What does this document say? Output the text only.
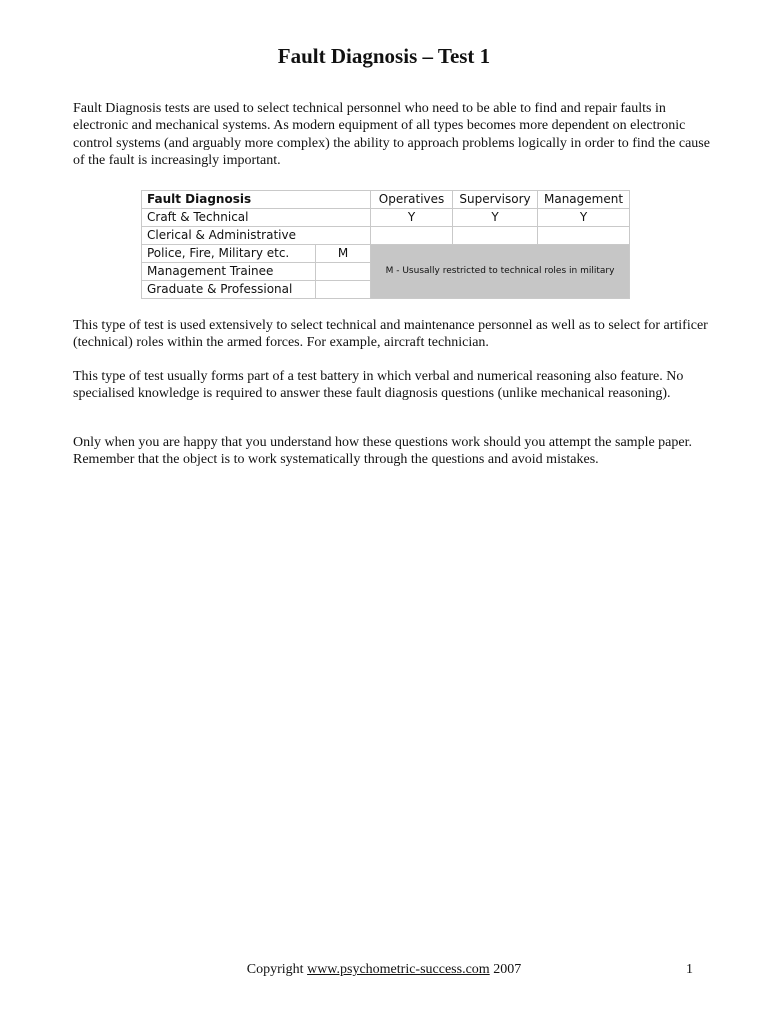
Fault Diagnosis – Test 1

Fault Diagnosis tests are used to select technical personnel who need to be able to find and repair faults in electronic and mechanical systems. As modern equipment of all types becomes more dependent on electronic control systems (and arguably more complex) the ability to approach problems logically in order to find the cause of the fault is increasingly important.

Fault Diagnosis		Operatives	Supervisory	Management
Craft & Technical		Y	Y	Y
Clerical & Administrative				
Police, Fire, Military etc.	M	M - Ususally restricted to technical roles in military		
Management Trainee				
Graduate & Professional				

This type of test is used extensively to select technical and maintenance personnel as well as to select for artificer (technical) roles within the armed forces. For example, aircraft technician.

This type of test usually forms part of a test battery in which verbal and numerical reasoning also feature. No specialised knowledge is required to answer these fault diagnosis questions (unlike mechanical reasoning).

Only when you are happy that you understand how these questions work should you attempt the sample paper. Remember that the object is to work systematically through the questions and avoid mistakes.

Copyright www.psychometric-success.com 2007	1
